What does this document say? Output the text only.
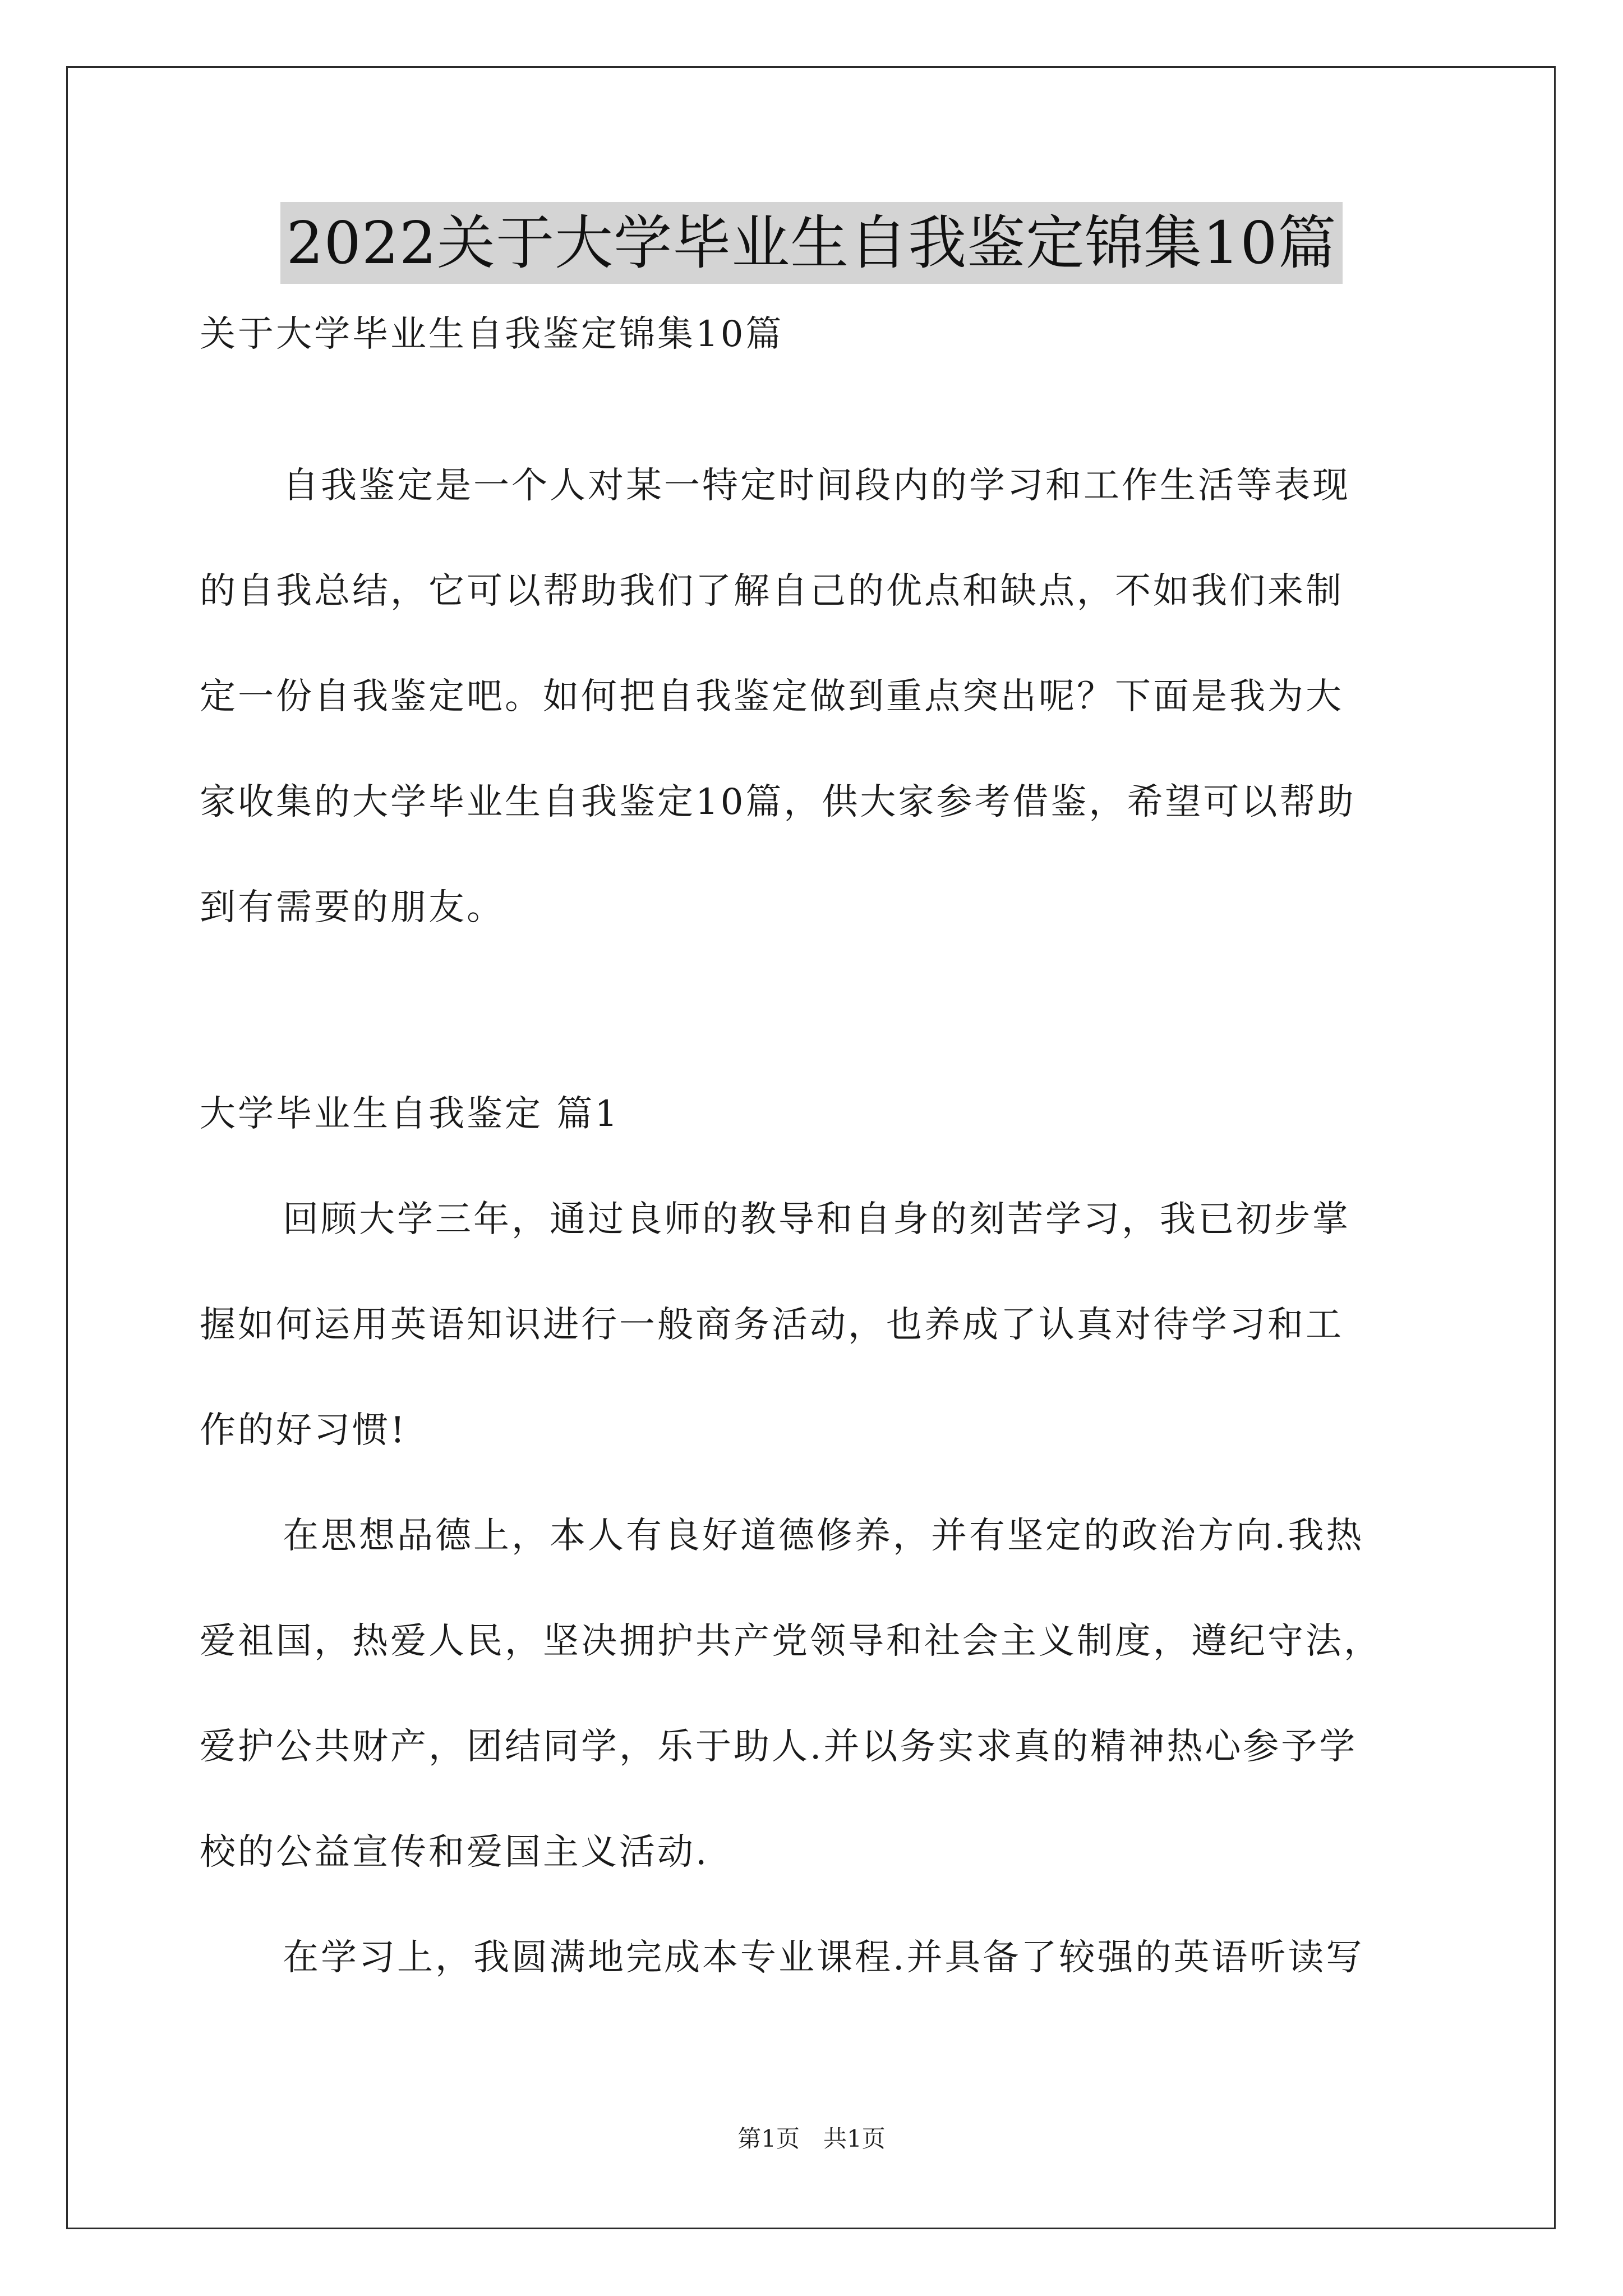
2022关于大学毕业生自我鉴定锦集10篇
关于大学毕业生自我鉴定锦集10篇
自我鉴定是一个人对某一特定时间段内的学习和工作生活等表现
的自我总结，它可以帮助我们了解自己的优点和缺点，不如我们来制
定一份自我鉴定吧。如何把自我鉴定做到重点突出呢？下面是我为大
家收集的大学毕业生自我鉴定10篇，供大家参考借鉴，希望可以帮助
到有需要的朋友。
大学毕业生自我鉴定 篇1
回顾大学三年，通过良师的教导和自身的刻苦学习，我已初步掌
握如何运用英语知识进行一般商务活动，也养成了认真对待学习和工
作的好习惯!
在思想品德上，本人有良好道德修养，并有坚定的政治方向.我热
爱祖国，热爱人民，坚决拥护共产党领导和社会主义制度，遵纪守法，
爱护公共财产，团结同学，乐于助人.并以务实求真的精神热心参予学
校的公益宣传和爱国主义活动.
在学习上，我圆满地完成本专业课程.并具备了较强的英语听读写
第1页　共1页
